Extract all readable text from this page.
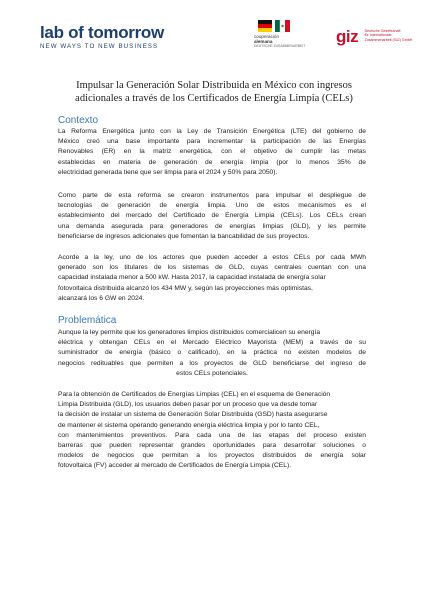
lab of tomorrow
NEW WAYS TO NEW BUSINESS
cooperación
alemana
DEUTSCHE ZUSAMMENARBEIT giz Deutsche Gesellschaft
für Internationale
Zusammenarbeit (GIZ) GmbH
Impulsar la Generación Solar Distribuida en México con ingresos
adicionales a través de los Certificados de Energía Limpia (CELs)
Contexto
La Reforma Energética junto con la Ley de Transición Energética (LTE) del gobierno de
México creó una base importante para incrementar la participación de las Energías
Renovables (ER) en la matriz energética, con el objetivo de cumplir las metas
establecidas en materia de generación de energía limpia (por lo menos 35% de
electricidad generada tiene que ser limpia para el 2024 y 50% para 2050).
Como parte de esta reforma se crearon instrumentos para impulsar el despliegue de
tecnologías de generación de energía limpia. Uno de estos mecanismos es el
establecimiento del mercado del Certificado de Energía Limpia (CELs). Los CELs crean
una demanda asegurada para generadores de energías limpias (GLD), y les permite
beneficiarse de ingresos adicionales que fomentan la bancabilidad de sus proyectos.
Acorde a la ley, uno de los actores que pueden acceder a estos CELs por cada MWh
generado son los titulares de los sistemas de GLD, cuyas centrales cuentan con una
capacidad instalada menor a 500 kW. Hasta 2017, la capacidad instalada de energía solar
fotovoltaica distribuida alcanzó los 434 MW y, según las proyecciones más optimistas,
alcanzará los 6 GW en 2024.
Problemática
Aunque la ley permite que los generadores limpios distribuidos comercialicen su energía
eléctrica y obtengan CELs en el Mercado Eléctrico Mayorista (MEM) a través de su
suministrador de energía (básico o calificado), en la práctica no existen modelos de
negocios redituables que permiten a los proyectos de GLD beneficiarse del ingreso de
estos CELs potenciales.
Para la obtención de Certificados de Energías Limpias (CEL) en el esquema de Generación
Limpia Distribuida (GLD), los usuarios deben pasar por un proceso que va desde tomar
la decisión de instalar un sistema de Generación Solar Distribuida (GSD) hasta asegurarse
de mantener el sistema operando generando energía eléctrica limpia y por lo tanto CEL,
con mantenimientos preventivos. Para cada una de las etapas del proceso existen
barreras que pueden representar grandes oportunidades para desarrollar soluciones o
modelos de negocios que permitan a los proyectos distribuidos de energía solar
fotovoltaica (FV) acceder al mercado de Certificados de Energía Limpia (CEL).
